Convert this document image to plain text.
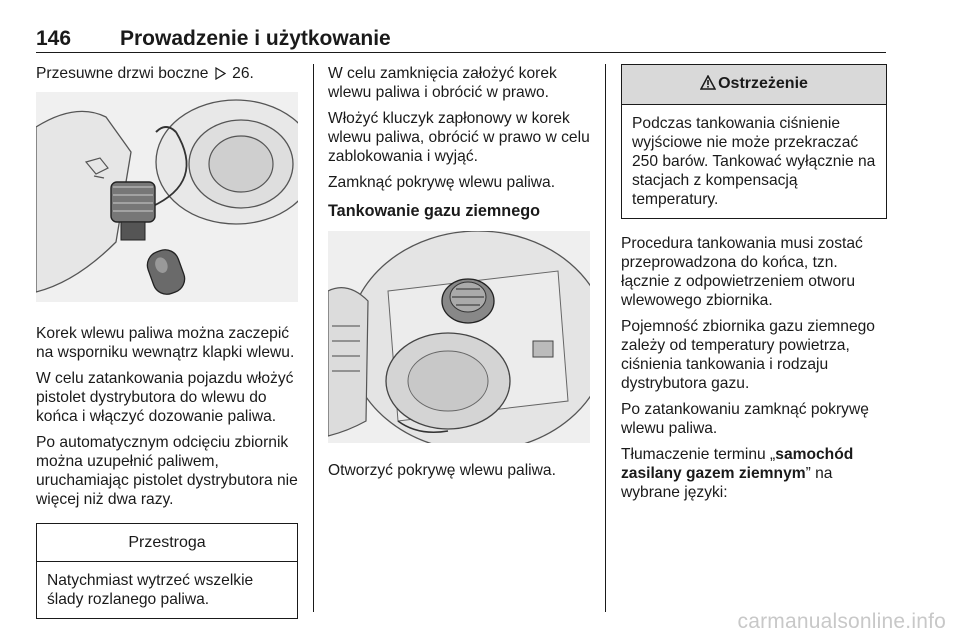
146 Prowadzenie i użytkowanie

Przesuwne drzwi boczne 26.

Korek wlewu paliwa można zaczepić na wsporniku wewnątrz klapki wlewu.

W celu zatankowania pojazdu włożyć pistolet dystrybutora do wlewu do końca i włączyć dozowanie paliwa.

Po automatycznym odcięciu zbiornik można uzupełnić paliwem, uruchamiając pistolet dystrybutora nie więcej niż dwa razy.

Przestroga
Natychmiast wytrzeć wszelkie ślady rozlanego paliwa.

W celu zamknięcia założyć korek wlewu paliwa i obrócić w prawo.

Włożyć kluczyk zapłonowy w korek wlewu paliwa, obrócić w prawo w celu zablokowania i wyjąć.

Zamknąć pokrywę wlewu paliwa.

Tankowanie gazu ziemnego

Otworzyć pokrywę wlewu paliwa.

Ostrzeżenie
Podczas tankowania ciśnienie wyjściowe nie może przekraczać 250 barów. Tankować wyłącznie na stacjach z kompensacją temperatury.

Procedura tankowania musi zostać przeprowadzona do końca, tzn. łącznie z odpowietrzeniem otworu wlewowego zbiornika.

Pojemność zbiornika gazu ziemnego zależy od temperatury powietrza, ciśnienia tankowania i rodzaju dystrybutora gazu.

Po zatankowaniu zamknąć pokrywę wlewu paliwa.

Tłumaczenie terminu „samochód zasilany gazem ziemnym” na wybrane języki:

carmanualsonline.info
